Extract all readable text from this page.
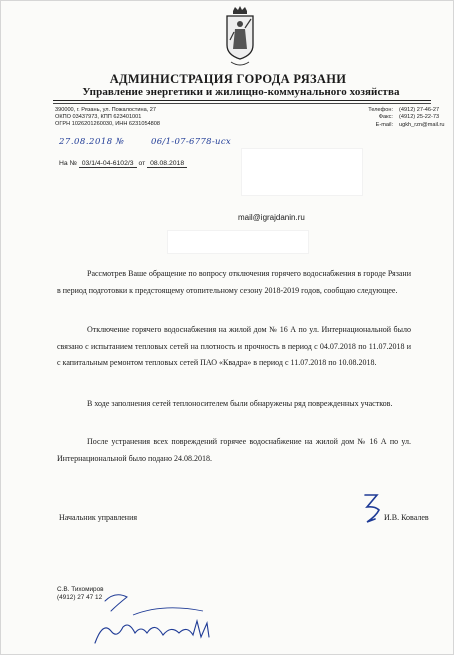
АДМИНИСТРАЦИЯ ГОРОДА РЯЗАНИ
Управление энергетики и жилищно-коммунального хозяйства
390000, г. Рязань, ул. Пожалостина, 27
ОКПО 03437973, КПП 623401001
ОГРН 1026201260030, ИНН 6231054808
Телефон:	(4912) 27-46-27
Факс:	(4912) 25-22-73
E-mail:	ugkh_rzn@mail.ru
27.08.2018 №	06/1-07-6778-исх
На № 03/1/4-04-6102/3 от 08.08.2018
mail@igrajdanin.ru

Рассмотрев Ваше обращение по вопросу отключения горячего водоснабжения в городе Рязани в период подготовки к предстоящему отопительному сезону 2018-2019 годов, сообщаю следующее.

Отключение горячего водоснабжения на жилой дом № 16 А по ул. Интернациональной было связано с испытанием тепловых сетей на плотность и прочность в период с 04.07.2018 по 11.07.2018 и с капитальным ремонтом тепловых сетей ПАО «Квадра» в период с 11.07.2018 по 10.08.2018.

В ходе заполнения сетей теплоносителем были обнаружены ряд поврежденных участков.

После устранения всех повреждений горячее водоснабжение на жилой дом № 16 А по ул. Интернациональной было подано 24.08.2018.

Начальник управления	И.В. Ковалев
С.В. Тихомиров
(4912) 27 47 12
